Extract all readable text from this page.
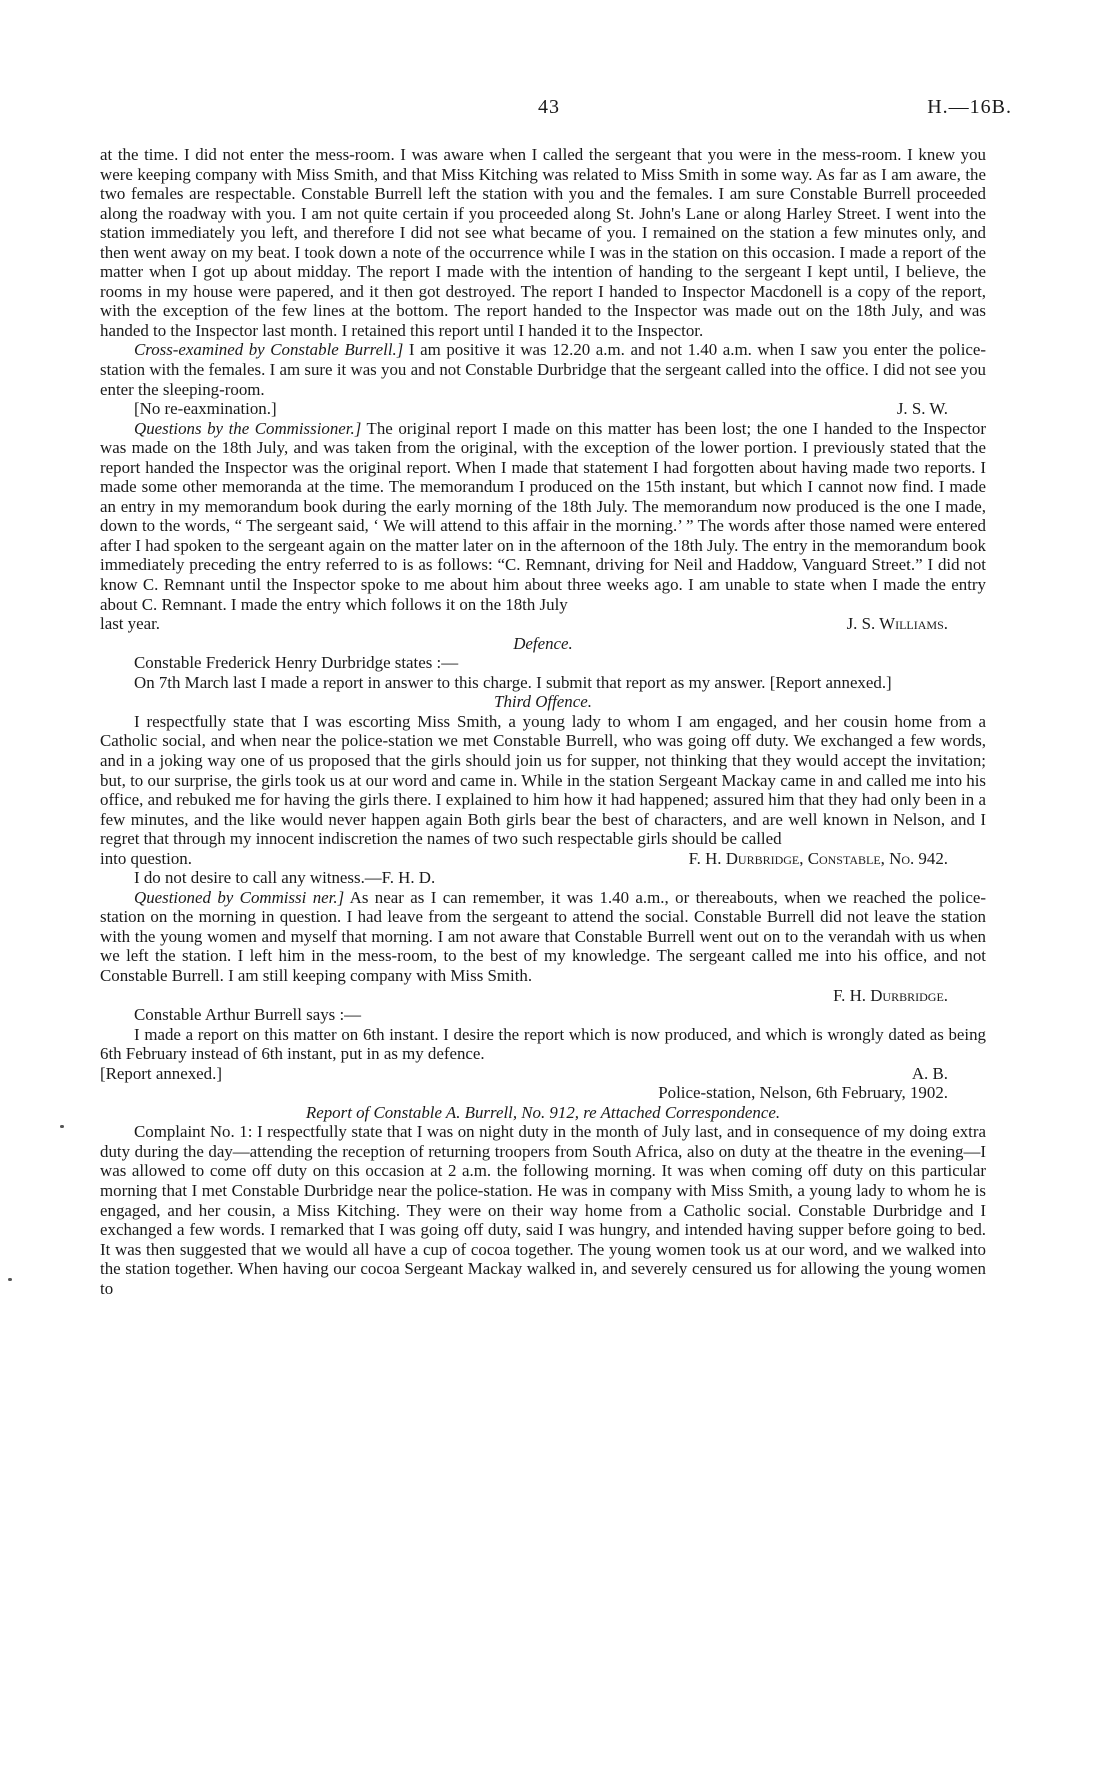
43	H.—16B.

at the time. I did not enter the mess-room. I was aware when I called the sergeant that you were in the mess-room. I knew you were keeping company with Miss Smith, and that Miss Kitching was related to Miss Smith in some way. As far as I am aware, the two females are respectable. Constable Burrell left the station with you and the females. I am sure Constable Burrell proceeded along the roadway with you. I am not quite certain if you proceeded along St. John's Lane or along Harley Street. I went into the station immediately you left, and therefore I did not see what became of you. I remained on the station a few minutes only, and then went away on my beat. I took down a note of the occurrence while I was in the station on this occasion. I made a report of the matter when I got up about midday. The report I made with the intention of handing to the sergeant I kept until, I believe, the rooms in my house were papered, and it then got destroyed. The report I handed to Inspector Macdonell is a copy of the report, with the exception of the few lines at the bottom. The report handed to the Inspector was made out on the 18th July, and was handed to the Inspector last month. I retained this report until I handed it to the Inspector.

Cross-examined by Constable Burrell.] I am positive it was 12.20 a.m. and not 1.40 a.m. when I saw you enter the police-station with the females. I am sure it was you and not Constable Durbridge that the sergeant called into the office. I did not see you enter the sleeping-room.

[No re-eaxmination.]	J. S. W.

Questions by the Commissioner.] The original report I made on this matter has been lost; the one I handed to the Inspector was made on the 18th July, and was taken from the original, with the exception of the lower portion. I previously stated that the report handed the Inspector was the original report. When I made that statement I had forgotten about having made two reports. I made some other memoranda at the time. The memorandum I produced on the 15th instant, but which I cannot now find. I made an entry in my memorandum book during the early morning of the 18th July. The memorandum now produced is the one I made, down to the words, “ The sergeant said, ‘ We will attend to this affair in the morning.’ ” The words after those named were entered after I had spoken to the sergeant again on the matter later on in the afternoon of the 18th July. The entry in the memorandum book immediately preceding the entry referred to is as follows: “C. Remnant, driving for Neil and Haddow, Vanguard Street.” I did not know C. Remnant until the Inspector spoke to me about him about three weeks ago. I am unable to state when I made the entry about C. Remnant. I made the entry which follows it on the 18th July

last year.	J. S. Williams.

Defence.

Constable Frederick Henry Durbridge states :—

On 7th March last I made a report in answer to this charge. I submit that report as my answer. [Report annexed.]

Third Offence.

I respectfully state that I was escorting Miss Smith, a young lady to whom I am engaged, and her cousin home from a Catholic social, and when near the police-station we met Constable Burrell, who was going off duty. We exchanged a few words, and in a joking way one of us proposed that the girls should join us for supper, not thinking that they would accept the invitation; but, to our surprise, the girls took us at our word and came in. While in the station Sergeant Mackay came in and called me into his office, and rebuked me for having the girls there. I explained to him how it had happened; assured him that they had only been in a few minutes, and the like would never happen again Both girls bear the best of characters, and are well known in Nelson, and I regret that through my innocent indiscretion the names of two such respectable girls should be called

into question.	F. H. Durbridge, Constable, No. 942.

I do not desire to call any witness.—F. H. D.

Questioned by Commissi ner.] As near as I can remember, it was 1.40 a.m., or thereabouts, when we reached the police-station on the morning in question. I had leave from the sergeant to attend the social. Constable Burrell did not leave the station with the young women and myself that morning. I am not aware that Constable Burrell went out on to the verandah with us when we left the station. I left him in the mess-room, to the best of my knowledge. The sergeant called me into his office, and not Constable Burrell. I am still keeping company with Miss Smith.

F. H. Durbridge.

Constable Arthur Burrell says :—

I made a report on this matter on 6th instant. I desire the report which is now produced, and which is wrongly dated as being 6th February instead of 6th instant, put in as my defence.

[Report annexed.]	A. B.

Police-station, Nelson, 6th February, 1902.

Report of Constable A. Burrell, No. 912, re Attached Correspondence.

Complaint No. 1: I respectfully state that I was on night duty in the month of July last, and in consequence of my doing extra duty during the day—attending the reception of returning troopers from South Africa, also on duty at the theatre in the evening—I was allowed to come off duty on this occasion at 2 a.m. the following morning. It was when coming off duty on this particular morning that I met Constable Durbridge near the police-station. He was in company with Miss Smith, a young lady to whom he is engaged, and her cousin, a Miss Kitching. They were on their way home from a Catholic social. Constable Durbridge and I exchanged a few words. I remarked that I was going off duty, said I was hungry, and intended having supper before going to bed. It was then suggested that we would all have a cup of cocoa together. The young women took us at our word, and we walked into the station together. When having our cocoa Sergeant Mackay walked in, and severely censured us for allowing the young women to
